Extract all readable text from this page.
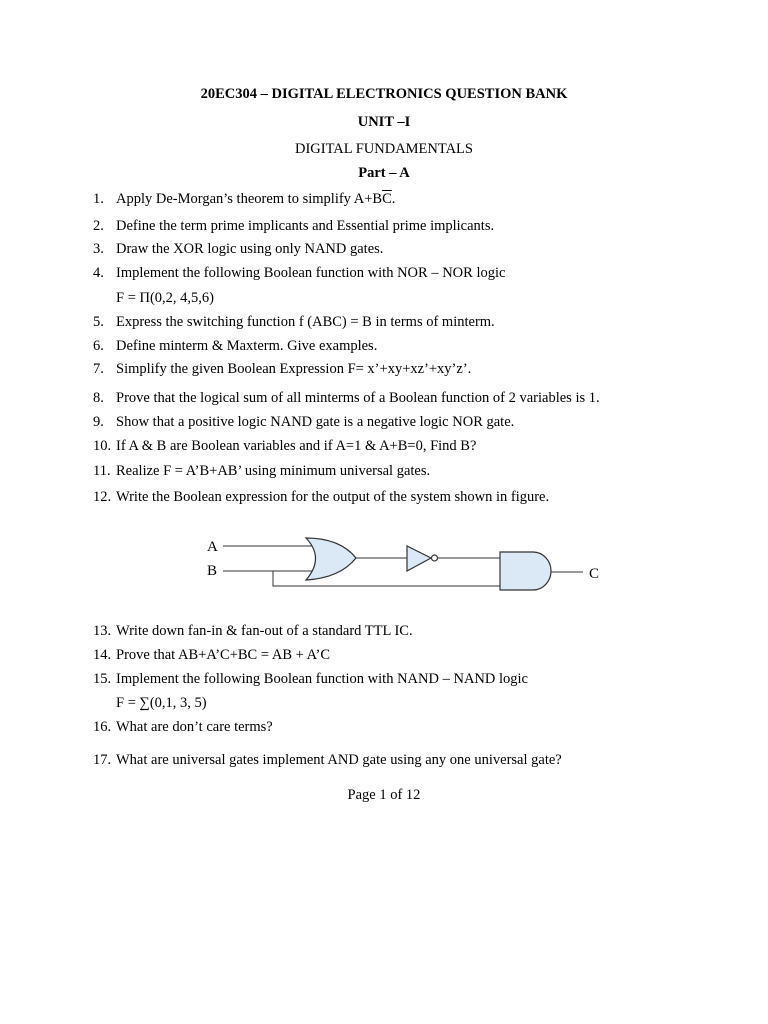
20EC304 – DIGITAL ELECTRONICS QUESTION BANK
UNIT –I
DIGITAL FUNDAMENTALS
Part – A
1. Apply De-Morgan’s theorem to simplify $A+B\overline{C}$.
2. Define the term prime implicants and Essential prime implicants.
3. Draw the XOR logic using only NAND gates.
4. Implement the following Boolean function with NOR – NOR logic
F = Π(0,2, 4,5,6)
5. Express the switching function f (ABC) = B in terms of minterm.
6. Define minterm & Maxterm. Give examples.
7. Simplify the given Boolean Expression F= x’+xy+xz’+xy’z’.
8. Prove that the logical sum of all minterms of a Boolean function of 2 variables is 1.
9. Show that a positive logic NAND gate is a negative logic NOR gate.
10. If A & B are Boolean variables and if A=1 & A+B=0, Find B?
11. Realize F = A’B+AB’ using minimum universal gates.
12. Write the Boolean expression for the output of the system shown in figure.
A
B	C
13. Write down fan-in & fan-out of a standard TTL IC.
14. Prove that AB+A’C+BC = AB + A’C
15. Implement the following Boolean function with NAND – NAND logic
F = ∑(0,1, 3, 5)
16. What are don’t care terms?
17. What are universal gates implement AND gate using any one universal gate?
Page 1 of 12
